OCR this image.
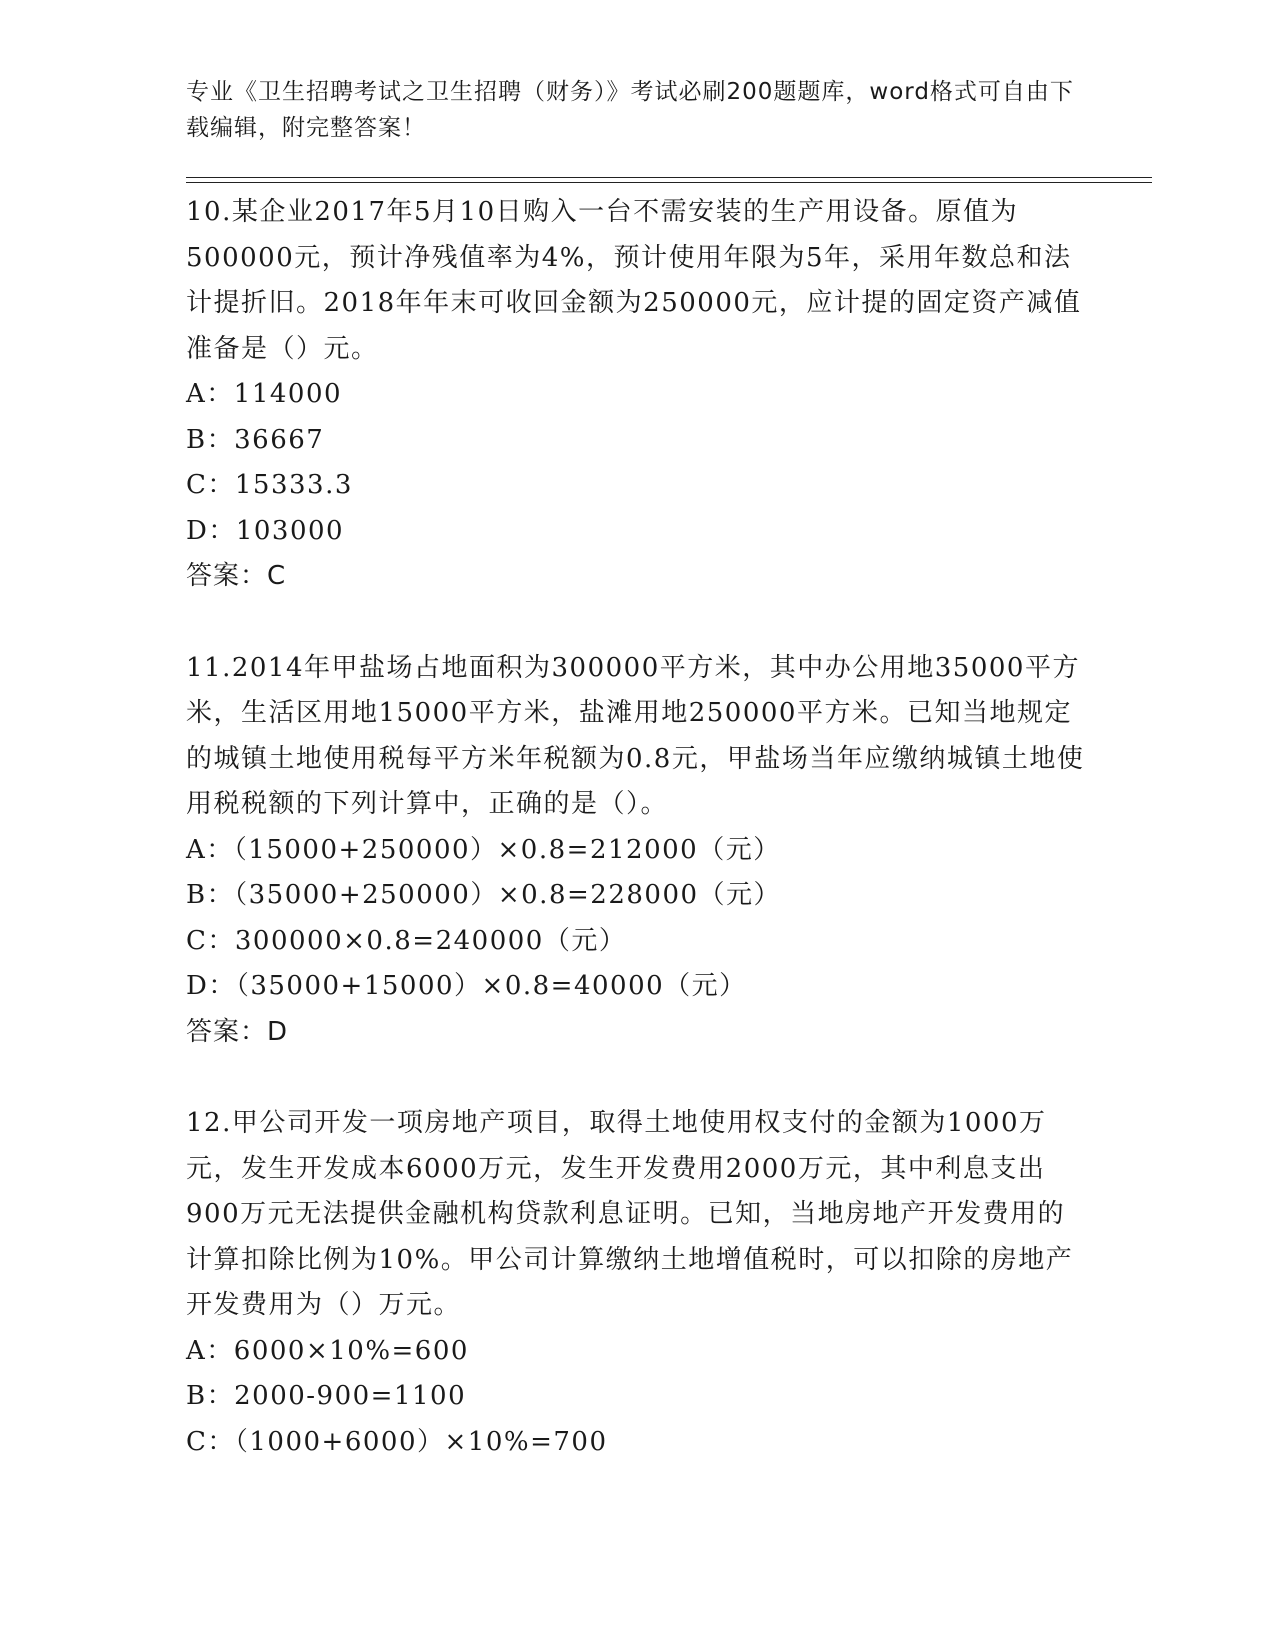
专业《卫生招聘考试之卫生招聘（财务）》考试必刷200题题库，word格式可自由下载编辑，附完整答案！

10.某企业2017年5月10日购入一台不需安装的生产用设备。原值为500000元，预计净残值率为4%，预计使用年限为5年，采用年数总和法计提折旧。2018年年末可收回金额为250000元，应计提的固定资产减值准备是（）元。

A：114000

B：36667

C：15333.3

D：103000

答案：C

11.2014年甲盐场占地面积为300000平方米，其中办公用地35000平方米，生活区用地15000平方米，盐滩用地250000平方米。已知当地规定的城镇土地使用税每平方米年税额为0.8元，甲盐场当年应缴纳城镇土地使用税税额的下列计算中，正确的是（）。

A：（15000+250000）×0.8=212000（元）

B：（35000+250000）×0.8=228000（元）

C：300000×0.8=240000（元）

D：（35000+15000）×0.8=40000（元）

答案：D

12.甲公司开发一项房地产项目，取得土地使用权支付的金额为1000万元，发生开发成本6000万元，发生开发费用2000万元，其中利息支出900万元无法提供金融机构贷款利息证明。已知，当地房地产开发费用的计算扣除比例为10%。甲公司计算缴纳土地增值税时，可以扣除的房地产开发费用为（）万元。

A：6000×10%=600

B：2000-900=1100

C：（1000+6000）×10%=700
